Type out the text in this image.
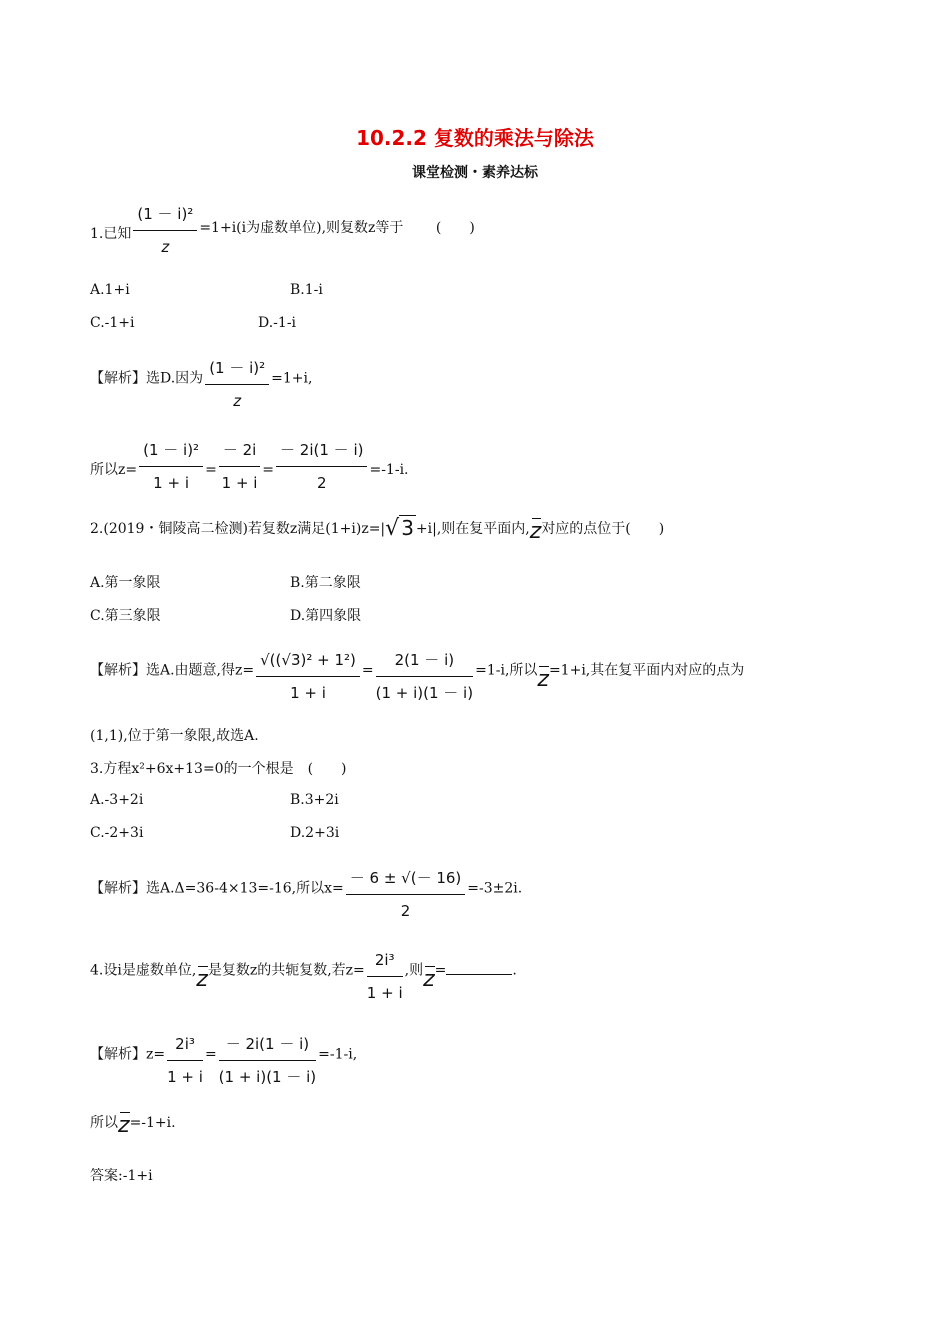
10.2.2 复数的乘法与除法
课堂检测・素养达标
1.已知 $\frac{\text{(1 － i)²}}{z} =1+i(i$为虚数单位),则复数z等于 (　　)
A.1+i	B.1-i
C.-1+i	D.-1-i
【解析】选D.因为 $\frac{\text{(1 － i)²}}{z} =1+i$,
所以$z= \frac{\text{(1 － i)²}}{1 + i} = \frac{- 2i}{1 + i} = \frac{- 2i(1 - i)}{2} =-1-i$.
2.(2019・铜陵高二检测)若复数z满足(1+i)z=|√ 3 +i|,则在复平面内,z对应的点位于(　　)
A.第一象限	B.第二象限
C.第三象限	D.第四象限
【解析】选A.由题意,得$z= \frac{\text{√((√3)² + 1²)}}{1 + i} = \frac{2(1 - i)}{(1 + i)(1 - i)} =1-i$,所以z=1+i,其在复平面内对应的点为
(1,1),位于第一象限,故选A.
3.方程x²+6x+13=0的一个根是　(　　)
A.-3+2i	B.3+2i
C.-2+3i	D.2+3i
【解析】选A.Δ=36-4×13=-16,所以$x= \frac{- 6 \pm √(- 16)}{2} =-3\pm 2i$.
4.设i是虚数单位,z是复数z的共轭复数,若$z= \frac{\text{2i³}}{1 + i}$ ,则z=	.
【解析】$z= \frac{\text{2i³}}{1 + i} = \frac{- 2i(1 - i)}{(1 + i)(1 - i)} =-1-i$,
所以z=-1+i.
答案:-1+i
